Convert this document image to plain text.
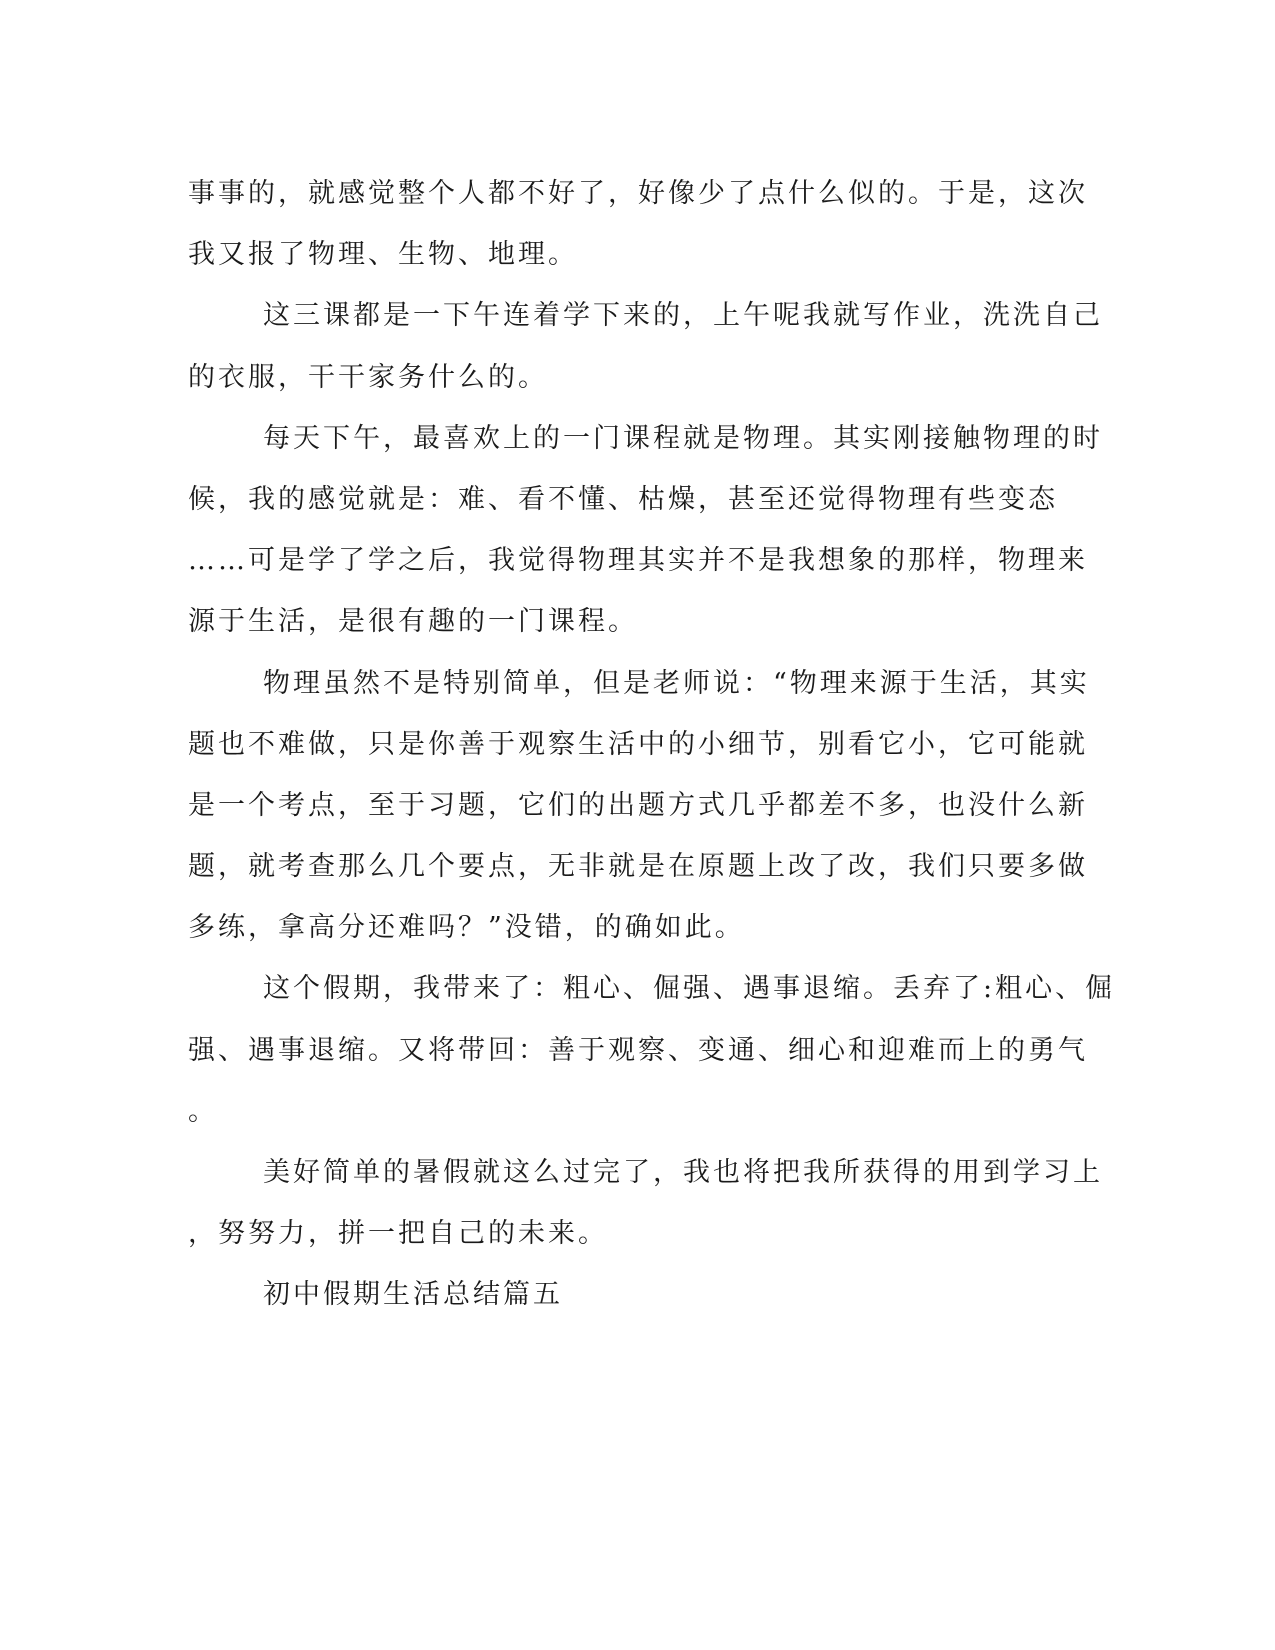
事事的，就感觉整个人都不好了，好像少了点什么似的。于是，这次
我又报了物理、生物、地理。
这三课都是一下午连着学下来的，上午呢我就写作业，洗洗自己
的衣服，干干家务什么的。
每天下午，最喜欢上的一门课程就是物理。其实刚接触物理的时
候，我的感觉就是：难、看不懂、枯燥，甚至还觉得物理有些变态
……可是学了学之后，我觉得物理其实并不是我想象的那样，物理来
源于生活，是很有趣的一门课程。
物理虽然不是特别简单，但是老师说：“物理来源于生活，其实
题也不难做，只是你善于观察生活中的小细节，别看它小，它可能就
是一个考点，至于习题，它们的出题方式几乎都差不多，也没什么新
题，就考查那么几个要点，无非就是在原题上改了改，我们只要多做
多练，拿高分还难吗？”没错，的确如此。
这个假期，我带来了：粗心、倔强、遇事退缩。丢弃了:粗心、倔
强、遇事退缩。又将带回：善于观察、变通、细心和迎难而上的勇气
。
美好简单的暑假就这么过完了，我也将把我所获得的用到学习上
，努努力，拼一把自己的未来。
初中假期生活总结篇五
